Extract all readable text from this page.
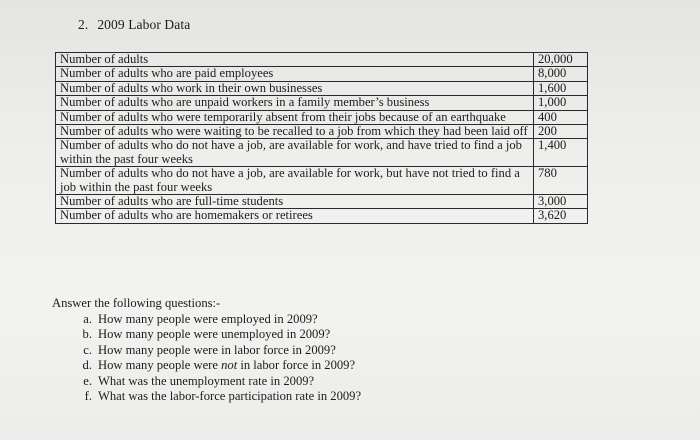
2. 2009 Labor Data
Number of adults	20,000
Number of adults who are paid employees	8,000
Number of adults who work in their own businesses	1,600
Number of adults who are unpaid workers in a family member’s business	1,000
Number of adults who were temporarily absent from their jobs because of an earthquake	400
Number of adults who were waiting to be recalled to a job from which they had been laid off	200
Number of adults who do not have a job, are available for work, and have tried to find a job within the past four weeks	1,400
Number of adults who do not have a job, are available for work, but have not tried to find a job within the past four weeks	780
Number of adults who are full-time students	3,000
Number of adults who are homemakers or retirees	3,620
Answer the following questions:-
a. How many people were employed in 2009?
b. How many people were unemployed in 2009?
c. How many people were in labor force in 2009?
d. How many people were not in labor force in 2009?
e. What was the unemployment rate in 2009?
f. What was the labor-force participation rate in 2009?
